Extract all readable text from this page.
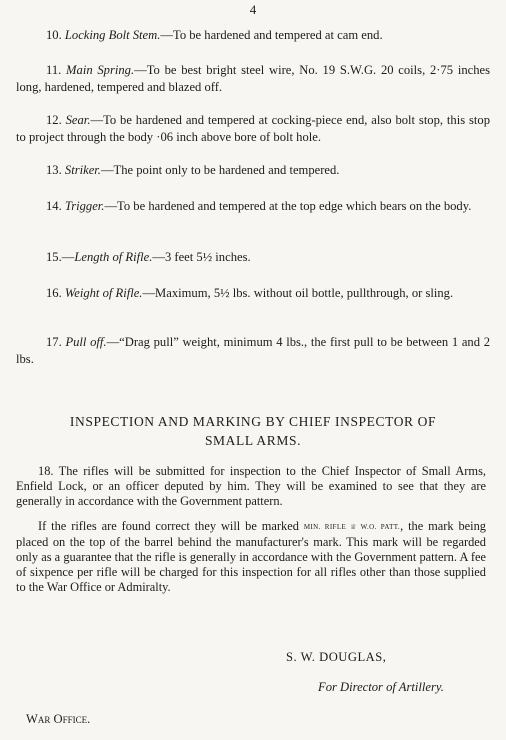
4
10. Locking Bolt Stem.—To be hardened and tempered at cam end.
11. Main Spring.—To be best bright steel wire, No. 19 S.W.G. 20 coils, 2·75 inches long, hardened, tempered and blazed off.
12. Sear.—To be hardened and tempered at cocking-piece end, also bolt stop, this stop to project through the body ·06 inch above bore of bolt hole.
13. Striker.—The point only to be hardened and tempered.
14. Trigger.—To be hardened and tempered at the top edge which bears on the body.
15.—Length of Rifle.—3 feet 5½ inches.
16. Weight of Rifle.—Maximum, 5½ lbs. without oil bottle, pullthrough, or sling.
17. Pull off.—“Drag pull” weight, minimum 4 lbs., the first pull to be between 1 and 2 lbs.
INSPECTION AND MARKING BY CHIEF INSPECTOR OF
SMALL ARMS.
18. The rifles will be submitted for inspection to the Chief Inspector of Small Arms, Enfield Lock, or an officer deputed by him. They will be examined to see that they are generally in accordance with the Government pattern.
If the rifles are found correct they will be marked MIN. RIFLE ♕ W.O. PATT., the mark being placed on the top of the barrel behind the manufacturer's mark. This mark will be regarded only as a guarantee that the rifle is generally in accordance with the Government pattern. A fee of sixpence per rifle will be charged for this inspection for all rifles other than those supplied to the War Office or Admiralty.
S. W. DOUGLAS,
For Director of Artillery.
War Office.
